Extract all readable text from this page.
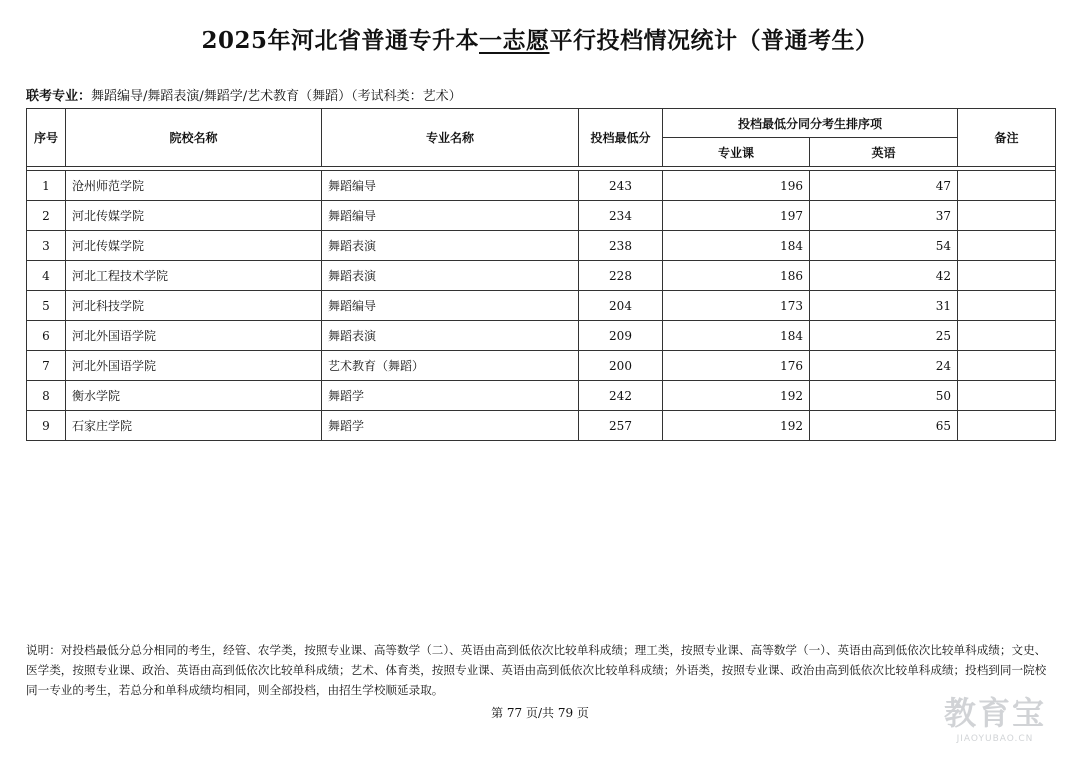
2025年河北省普通专升本一志愿平行投档情况统计（普通考生）
联考专业：舞蹈编导/舞蹈表演/舞蹈学/艺术教育（舞蹈）（考试科类：艺术）
序号	院校名称	专业名称	投档最低分	投档最低分同分考生排序项		备注
				专业课	英语	

1	沧州师范学院	舞蹈编导	243	196	47	
2	河北传媒学院	舞蹈编导	234	197	37	
3	河北传媒学院	舞蹈表演	238	184	54	
4	河北工程技术学院	舞蹈表演	228	186	42	
5	河北科技学院	舞蹈编导	204	173	31	
6	河北外国语学院	舞蹈表演	209	184	25	
7	河北外国语学院	艺术教育（舞蹈）	200	176	24	
8	衡水学院	舞蹈学	242	192	50	
9	石家庄学院	舞蹈学	257	192	65	
说明：对投档最低分总分相同的考生，经管、农学类，按照专业课、高等数学（二）、英语由高到低依次比较单科成绩；理工类，按照专业课、高等数学（一）、英语由高到低依次比较单科成绩；文史、医学类，按照专业课、政治、英语由高到低依次比较单科成绩；艺术、体育类，按照专业课、英语由高到低依次比较单科成绩；外语类，按照专业课、政治由高到低依次比较单科成绩；投档到同一院校同一专业的考生，若总分和单科成绩均相同，则全部投档，由招生学校顺延录取。
第 77 页/共 79 页	教育宝
JIAOYUBAO.CN
